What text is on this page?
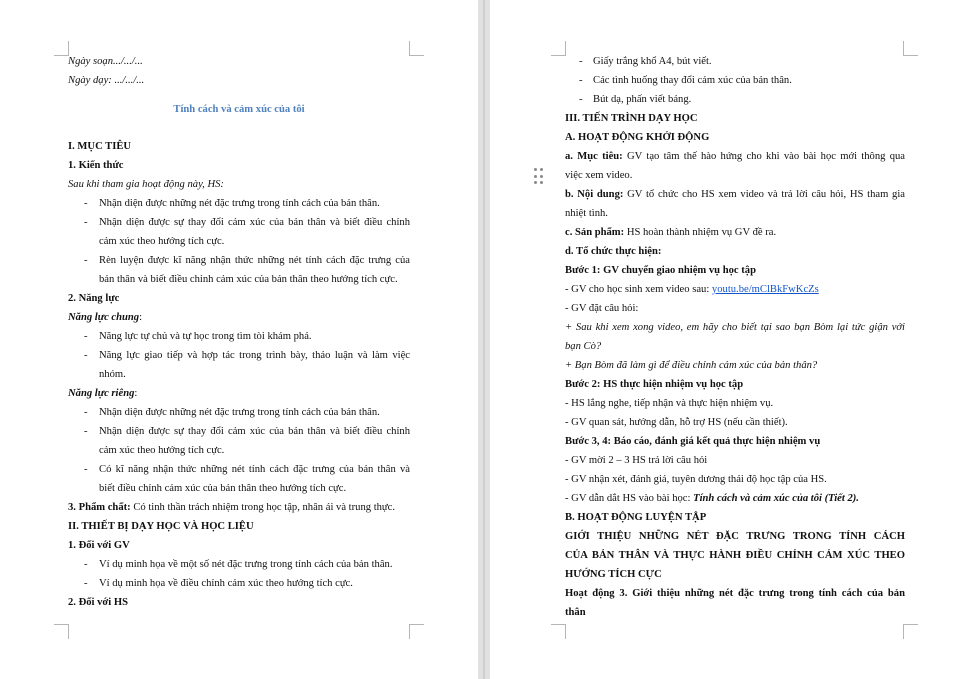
Ngày soạn.../.../...
Ngày dạy: .../.../...
Tính cách và cảm xúc của tôi
I. MỤC TIÊU
1. Kiến thức
Sau khi tham gia hoạt động này, HS:
- Nhận diện được những nét đặc trưng trong tính cách của bản thân.
- Nhận diện được sự thay đổi cảm xúc của bản thân và biết điều chỉnh
cảm xúc theo hướng tích cực.
- Rèn luyện được kĩ năng nhận thức những nét tính cách đặc trưng của
bản thân và biết điều chỉnh cảm xúc của bản thân theo hướng tích cực.
2. Năng lực
Năng lực chung:
- Năng lực tự chủ và tự học trong tìm tòi khám phá.
- Năng lực giao tiếp và hợp tác trong trình bày, thảo luận và làm việc
nhóm.
Năng lực riêng:
- Nhận diện được những nét đặc trưng trong tính cách của bản thân.
- Nhận diện được sự thay đổi cảm xúc của bản thân và biết điều chỉnh
cảm xúc theo hướng tích cực.
- Có kĩ năng nhận thức những nét tính cách đặc trưng của bản thân và
biết điều chỉnh cảm xúc của bản thân theo hướng tích cực.
3. Phẩm chất: Có tinh thần trách nhiệm trong học tập, nhân ái và trung thực.
II. THIẾT BỊ DẠY HỌC VÀ HỌC LIỆU
1. Đối với GV
- Ví dụ minh họa về một số nét đặc trưng trong tính cách của bản thân.
- Ví dụ minh họa về điều chỉnh cảm xúc theo hướng tích cực.
2. Đối với HS
- Giấy trắng khổ A4, bút viết.
- Các tình huống thay đổi cảm xúc của bản thân.
- Bút dạ, phấn viết bảng.
III. TIẾN TRÌNH DẠY HỌC
A. HOẠT ĐỘNG KHỞI ĐỘNG
a. Mục tiêu: GV tạo tâm thế hào hứng cho khi vào bài học mới thông qua
việc xem video.
b. Nội dung: GV tổ chức cho HS xem video và trả lời câu hỏi, HS tham gia
nhiệt tình.
c. Sản phẩm: HS hoàn thành nhiệm vụ GV đề ra.
d. Tổ chức thực hiện:
Bước 1: GV chuyển giao nhiệm vụ học tập
- GV cho học sinh xem video sau: youtu.be/mClBkFwKcZs
- GV đặt câu hỏi:
+ Sau khi xem xong video, em hãy cho biết tại sao bạn Bòm lại tức giận với
bạn Cò?
+ Bạn Bòm đã làm gì để điều chỉnh cảm xúc của bản thân?
Bước 2: HS thực hiện nhiệm vụ học tập
- HS lắng nghe, tiếp nhận và thực hiện nhiệm vụ.
- GV quan sát, hướng dẫn, hỗ trợ HS (nếu cần thiết).
Bước 3, 4: Báo cáo, đánh giá kết quả thực hiện nhiệm vụ
- GV mời 2 – 3 HS trả lời câu hỏi
- GV nhận xét, đánh giá, tuyên dương thái độ học tập của HS.
- GV dẫn dắt HS vào bài học: Tính cách và cảm xúc của tôi (Tiết 2).
B. HOẠT ĐỘNG LUYỆN TẬP
GIỚI THIỆU NHỮNG NÉT ĐẶC TRƯNG TRONG TÍNH CÁCH
CỦA BẢN THÂN VÀ THỰC HÀNH ĐIỀU CHỈNH CẢM XÚC THEO
HƯỚNG TÍCH CỰC
Hoạt động 3. Giới thiệu những nét đặc trưng trong tính cách của bản
thân
